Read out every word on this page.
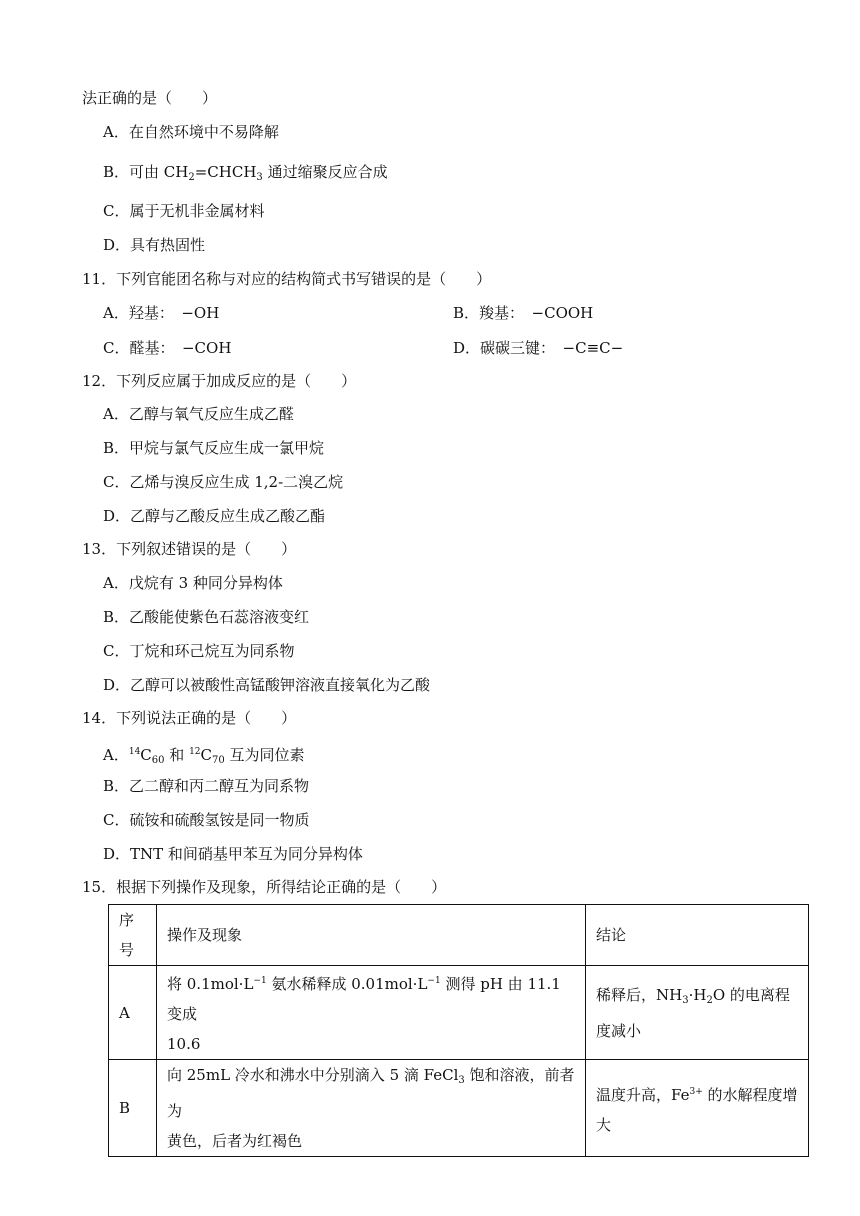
法正确的是（　　）
A．在自然环境中不易降解
B．可由 $CH_2=CHCH_3$ 通过缩聚反应合成
C．属于无机非金属材料
D．具有热固性
11．下列官能团名称与对应的结构简式书写错误的是（　　）
A．羟基：　−OH	B．羧基：　−COOH
C．醛基：　−COH	D．碳碳三键：　−C≡C−
12．下列反应属于加成反应的是（　　）
A．乙醇与氧气反应生成乙醛
B．甲烷与氯气反应生成一氯甲烷
C．乙烯与溴反应生成 1,2-二溴乙烷
D．乙醇与乙酸反应生成乙酸乙酯
13．下列叙述错误的是（　　）
A．戊烷有 3 种同分异构体
B．乙酸能使紫色石蕊溶液变红
C．丁烷和环己烷互为同系物
D．乙醇可以被酸性高锰酸钾溶液直接氧化为乙酸
14．下列说法正确的是（　　）
A．$^{14}C_{60}$ 和 $^{12}C_{70}$ 互为同位素
B．乙二醇和丙二醇互为同系物
C．硫铵和硫酸氢铵是同一物质
D．TNT 和间硝基甲苯互为同分异构体
15．根据下列操作及现象，所得结论正确的是（　　）
序号	操作及现象	结论
A	将 $0.1mol\cdot L^{-1}$ 氨水稀释成 $0.01mol\cdot L^{-1}$ 测得 pH 由 11.1 变成
10.6	稀释后，$NH_3\cdot H_2O$ 的电离程
度减小
B	向 25mL 冷水和沸水中分别滴入 5 滴 FeCl$_3$ 饱和溶液，前者为
黄色，后者为红褐色	温度升高，$Fe^{3+}$ 的水解程度增
大
